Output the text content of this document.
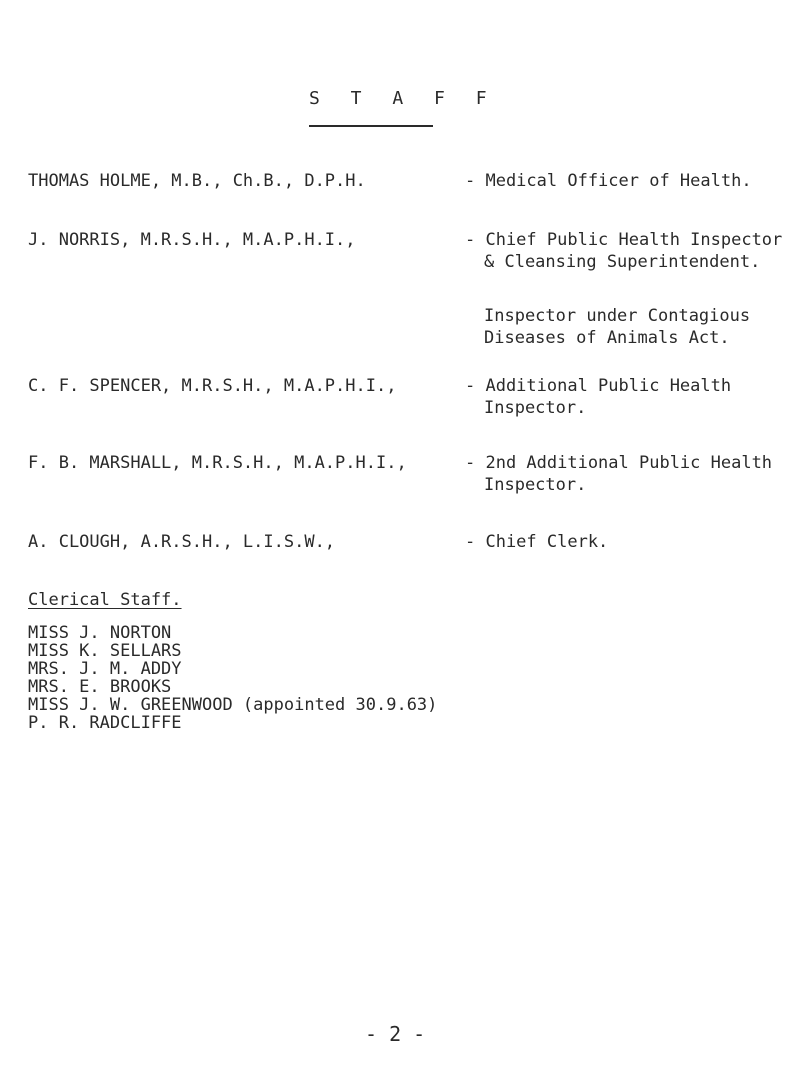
S T A F F
THOMAS HOLME, M.B., Ch.B., D.P.H.	- Medical Officer of Health.
J. NORRIS, M.R.S.H., M.A.P.H.I.,	- Chief Public Health Inspector
& Cleansing Superintendent.
Inspector under Contagious
Diseases of Animals Act.
C. F. SPENCER, M.R.S.H., M.A.P.H.I.,	- Additional Public Health
Inspector.
F. B. MARSHALL, M.R.S.H., M.A.P.H.I.,	- 2nd Additional Public Health
Inspector.
A. CLOUGH, A.R.S.H., L.I.S.W.,	- Chief Clerk.
Clerical Staff.
MISS J. NORTON
MISS K. SELLARS
MRS. J. M. ADDY
MRS. E. BROOKS
MISS J. W. GREENWOOD (appointed 30.9.63)
P. R. RADCLIFFE
- 2 -
